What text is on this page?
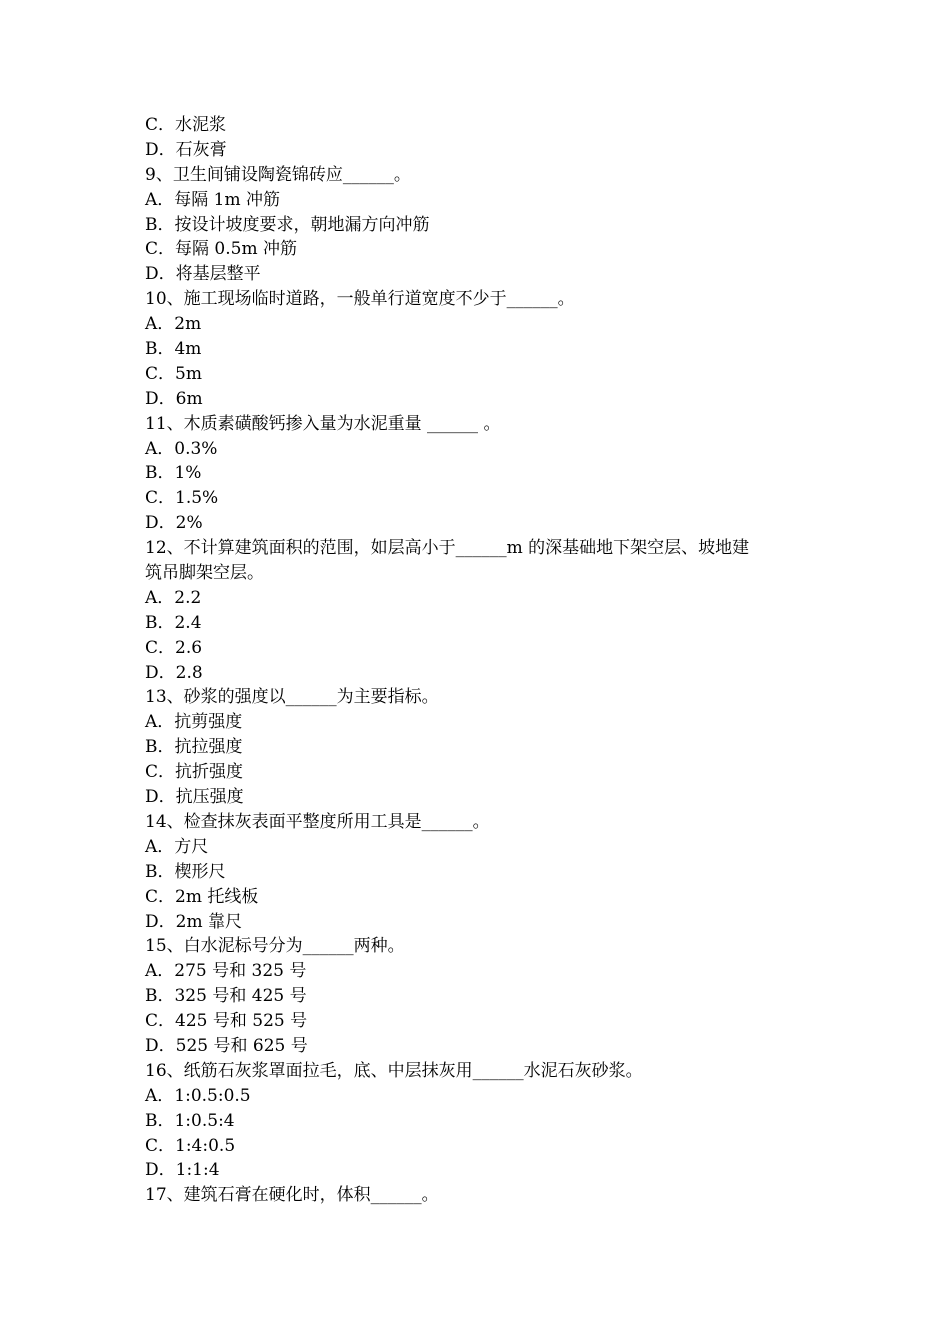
C．水泥浆

D．石灰膏

9、卫生间铺设陶瓷锦砖应______。

A．每隔 1m 冲筋

B．按设计坡度要求，朝地漏方向冲筋

C．每隔 0.5m 冲筋

D．将基层整平

10、施工现场临时道路，一般单行道宽度不少于______。

A．2m

B．4m

C．5m

D．6m

11、木质素磺酸钙掺入量为水泥重量 ______ 。

A．0.3%

B．1%

C．1.5%

D．2%

12、不计算建筑面积的范围，如层高小于______m 的深基础地下架空层、坡地建

筑吊脚架空层。

A．2.2

B．2.4

C．2.6

D．2.8

13、砂浆的强度以______为主要指标。

A．抗剪强度

B．抗拉强度

C．抗折强度

D．抗压强度

14、检查抹灰表面平整度所用工具是______。

A．方尺

B．楔形尺

C．2m 托线板

D．2m 靠尺

15、白水泥标号分为______两种。

A．275 号和 325 号

B．325 号和 425 号

C．425 号和 525 号

D．525 号和 625 号

16、纸筋石灰浆罩面拉毛，底、中层抹灰用______水泥石灰砂浆。

A．1:0.5:0.5

B．1:0.5:4

C．1:4:0.5

D．1:1:4

17、建筑石膏在硬化时，体积______。
